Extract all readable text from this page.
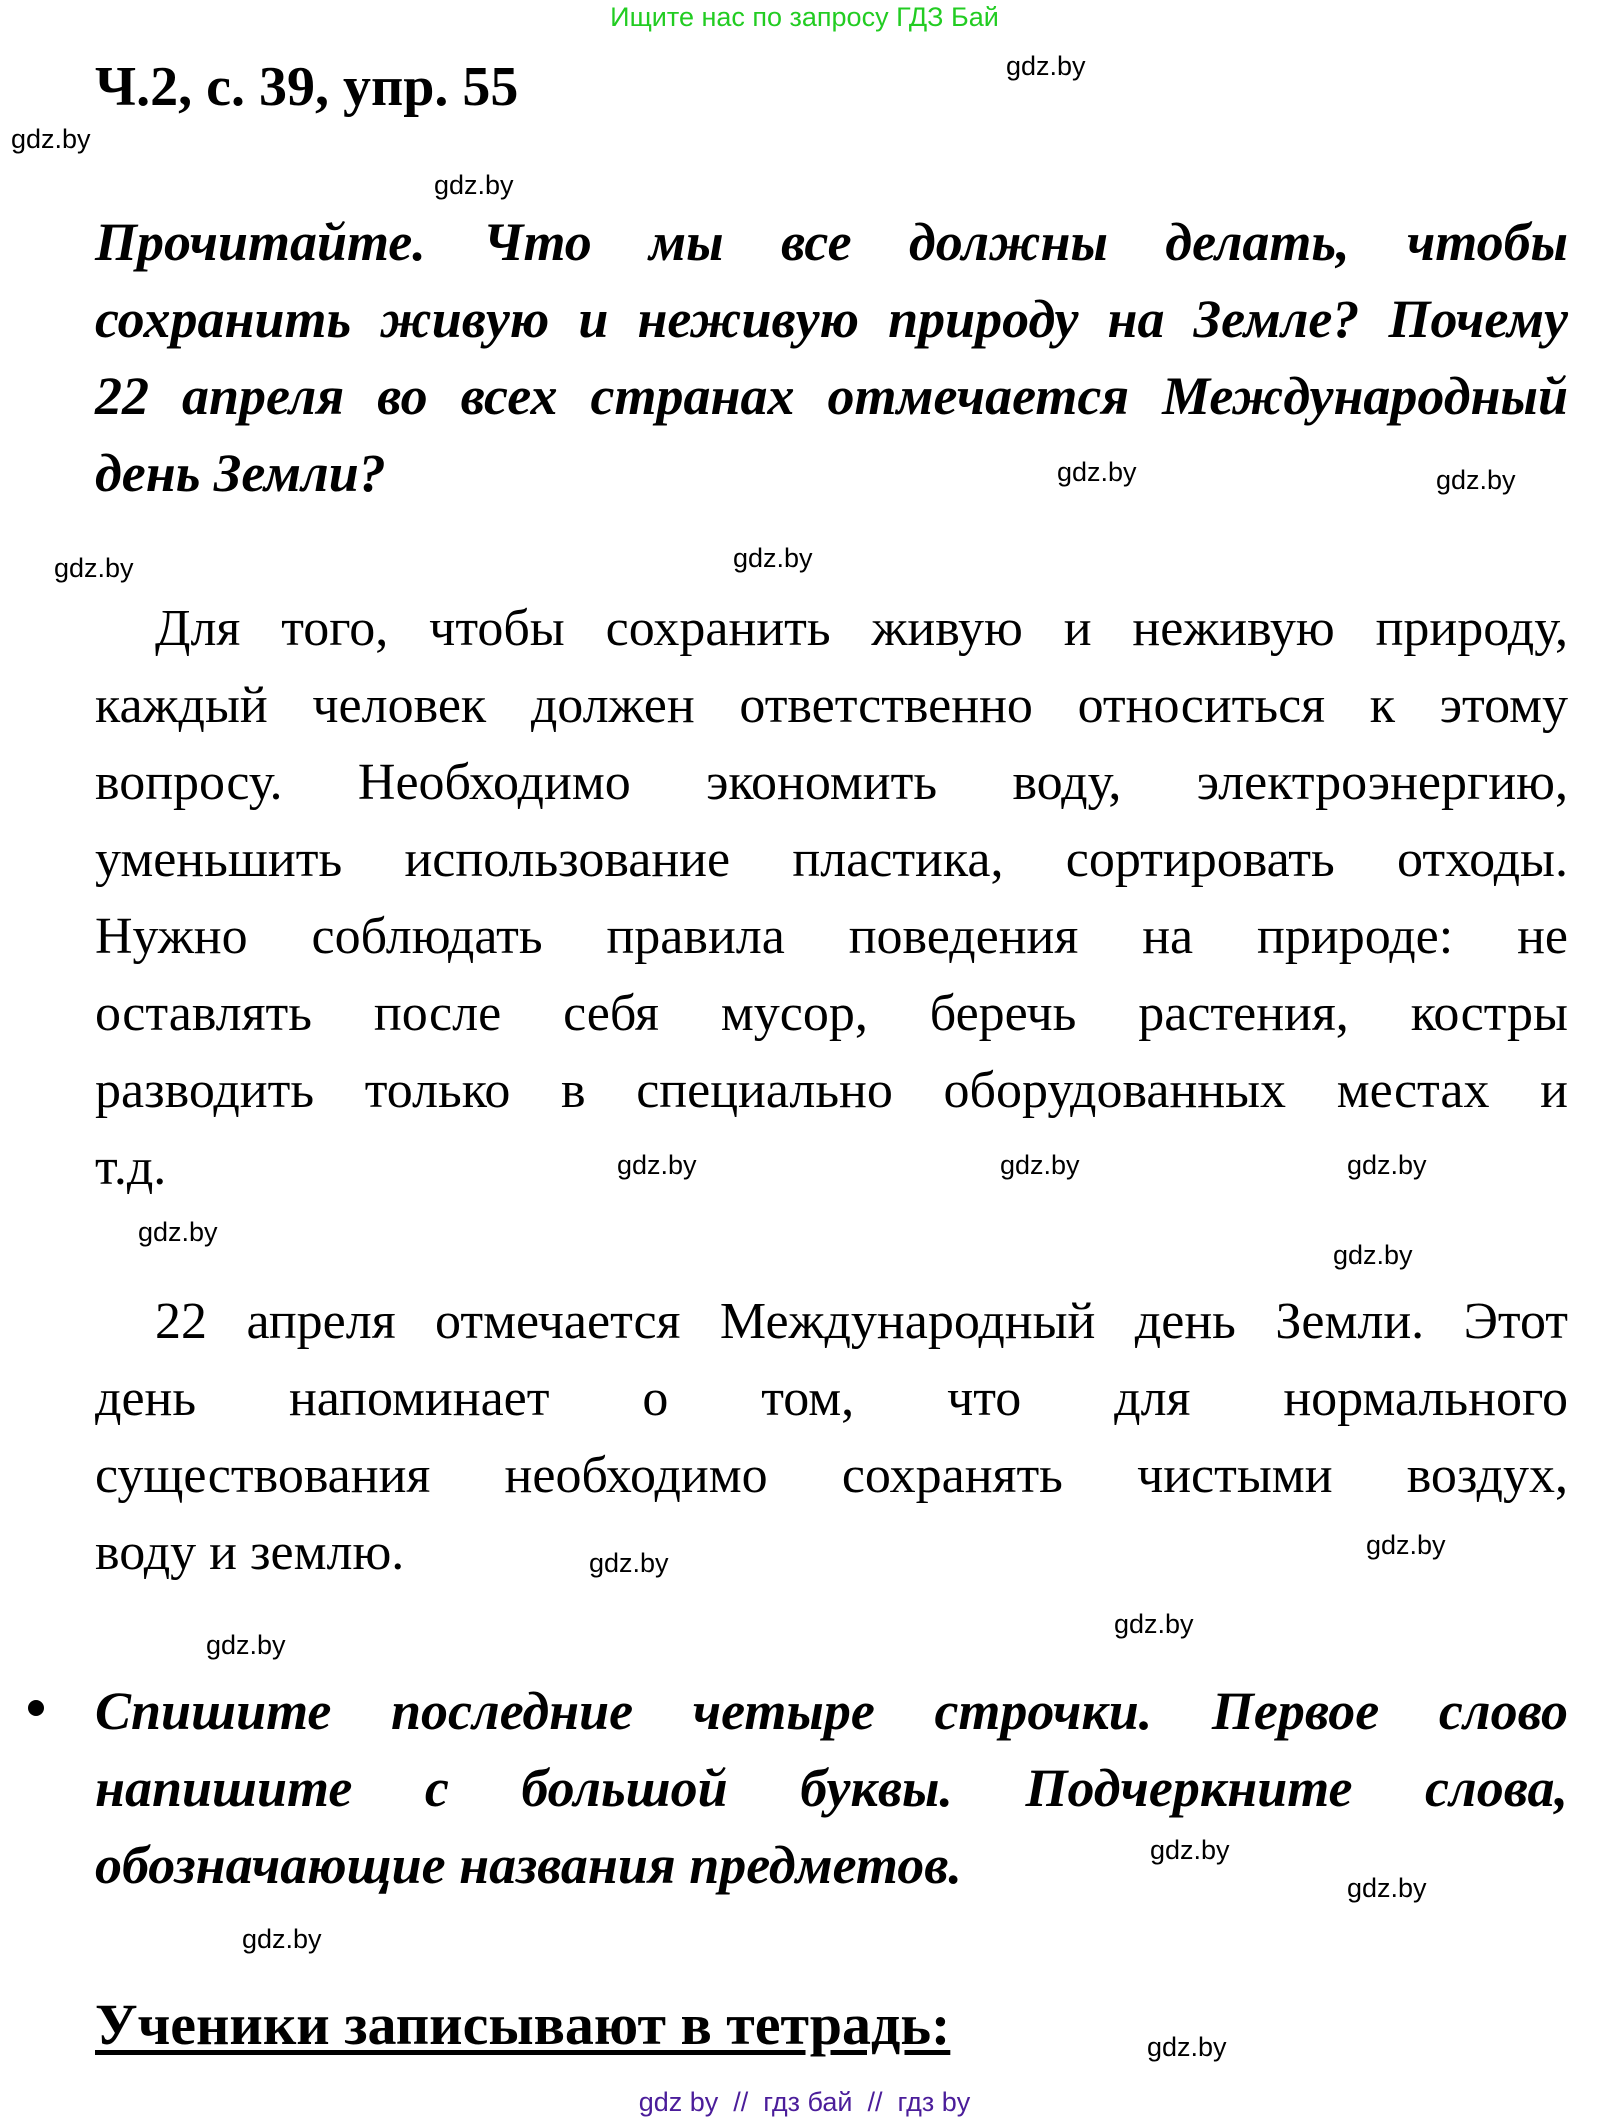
Ищите нас по запросу ГДЗ Бай
Ч.2, с. 39, упр. 55
Прочитайте. Что мы все должны делать, чтобы
сохранить живую и неживую природу на Земле? Почему
22 апреля во всех странах отмечается Международный
день Земли?
Для того, чтобы сохранить живую и неживую природу,
каждый человек должен ответственно относиться к этому
вопросу. Необходимо экономить воду, электроэнергию,
уменьшить использование пластика, сортировать отходы.
Нужно соблюдать правила поведения на природе: не
оставлять после себя мусор, беречь растения, костры
разводить только в специально оборудованных местах и
т.д.
22 апреля отмечается Международный день Земли. Этот
день напоминает о том, что для нормального
существования необходимо сохранять чистыми воздух,
воду и землю.
Спишите последние четыре строчки. Первое слово
напишите с большой буквы. Подчеркните слова,
обозначающие названия предметов.
Ученики записывают в тетрадь:
gdz.by
gdz.by
gdz.by
gdz.by
gdz.by
gdz.by
gdz.by
gdz.by
gdz.by	gdz.by
gdz.by
gdz.by
gdz.by
gdz.by
gdz.by
gdz.by
gdz.by
gdz.by
gdz.by
gdz.by
gdz by  //  гдз бай  //  гдз by
